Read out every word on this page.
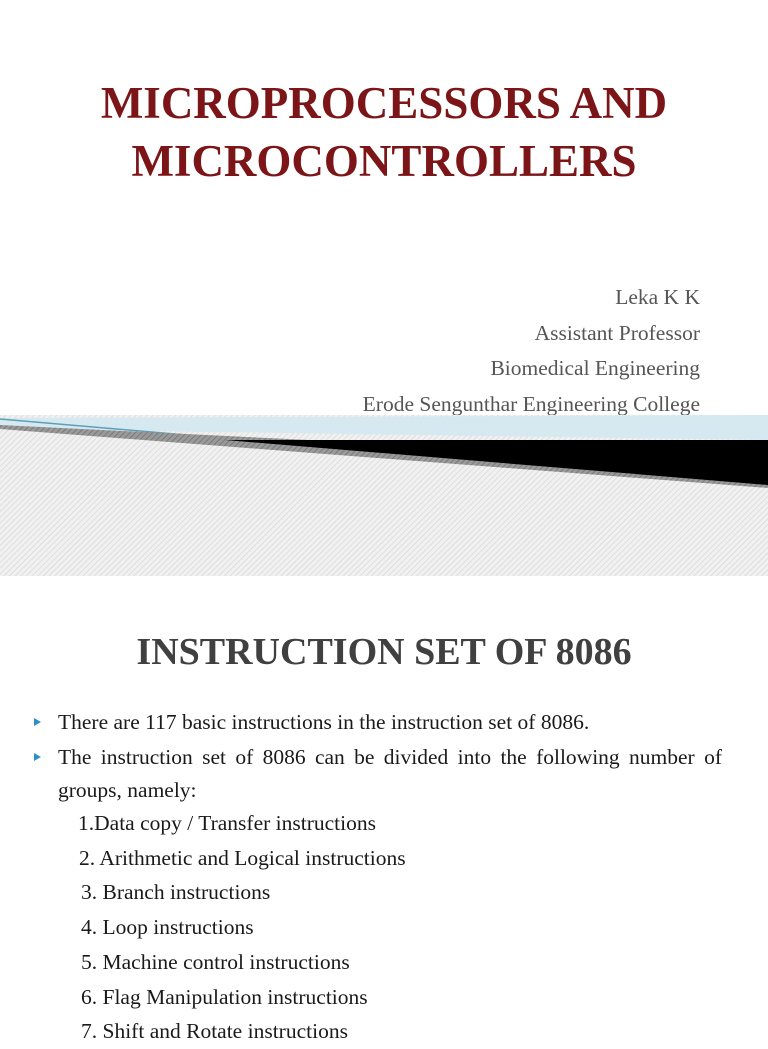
MICROPROCESSORS AND
MICROCONTROLLERS
Leka K K
Assistant Professor
Biomedical Engineering
Erode Sengunthar Engineering College
INSTRUCTION SET OF 8086
There are 117 basic instructions in the instruction set of 8086.
The instruction set of 8086 can be divided into the following number of groups, namely:
1.Data copy / Transfer instructions
2. Arithmetic and Logical instructions
3. Branch instructions
4. Loop instructions
5. Machine control instructions
6. Flag Manipulation instructions
7. Shift and Rotate instructions
